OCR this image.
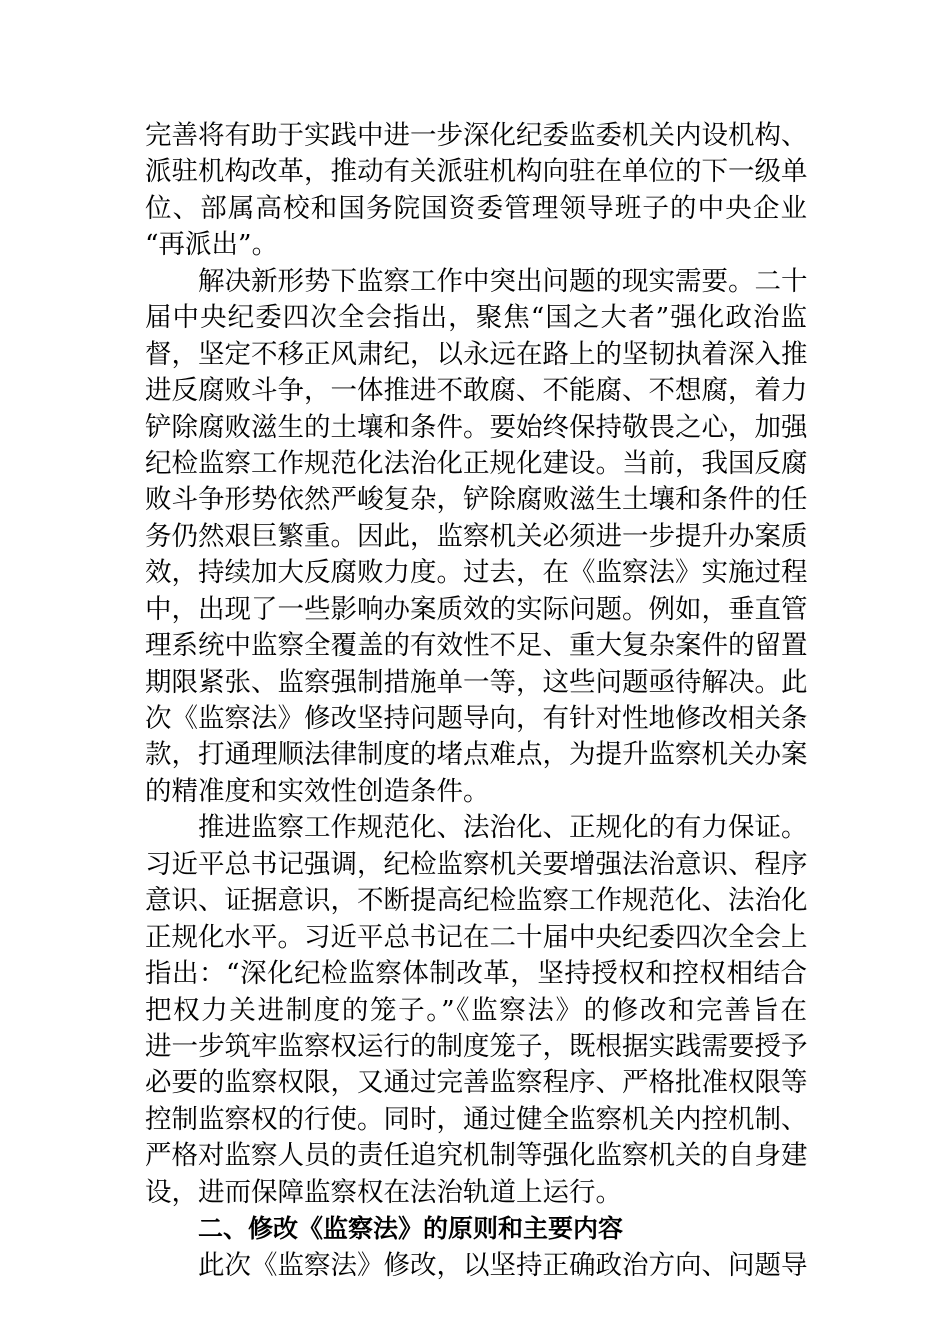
完善将有助于实践中进一步深化纪委监委机关内设机构、
派驻机构改革，推动有关派驻机构向驻在单位的下一级单
位、部属高校和国务院国资委管理领导班子的中央企业
“再派出”。
解决新形势下监察工作中突出问题的现实需要。二十
届中央纪委四次全会指出，聚焦“国之大者”强化政治监
督，坚定不移正风肃纪，以永远在路上的坚韧执着深入推
进反腐败斗争，一体推进不敢腐、不能腐、不想腐，着力
铲除腐败滋生的土壤和条件。要始终保持敬畏之心，加强
纪检监察工作规范化法治化正规化建设。当前，我国反腐
败斗争形势依然严峻复杂，铲除腐败滋生土壤和条件的任
务仍然艰巨繁重。因此，监察机关必须进一步提升办案质
效，持续加大反腐败力度。过去，在《监察法》实施过程
中，出现了一些影响办案质效的实际问题。例如，垂直管
理系统中监察全覆盖的有效性不足、重大复杂案件的留置
期限紧张、监察强制措施单一等，这些问题亟待解决。此
次《监察法》修改坚持问题导向，有针对性地修改相关条
款，打通理顺法律制度的堵点难点，为提升监察机关办案
的精准度和实效性创造条件。
推进监察工作规范化、法治化、正规化的有力保证。
习近平总书记强调，纪检监察机关要增强法治意识、程序
意识、证据意识，不断提高纪检监察工作规范化、法治化
正规化水平。习近平总书记在二十届中央纪委四次全会上
指出：“深化纪检监察体制改革，坚持授权和控权相结合
把权力关进制度的笼子。”《监察法》的修改和完善旨在
进一步筑牢监察权运行的制度笼子，既根据实践需要授予
必要的监察权限，又通过完善监察程序、严格批准权限等
控制监察权的行使。同时，通过健全监察机关内控机制、
严格对监察人员的责任追究机制等强化监察机关的自身建
设，进而保障监察权在法治轨道上运行。
二、修改《监察法》的原则和主要内容
此次《监察法》修改，以坚持正确政治方向、问题导
